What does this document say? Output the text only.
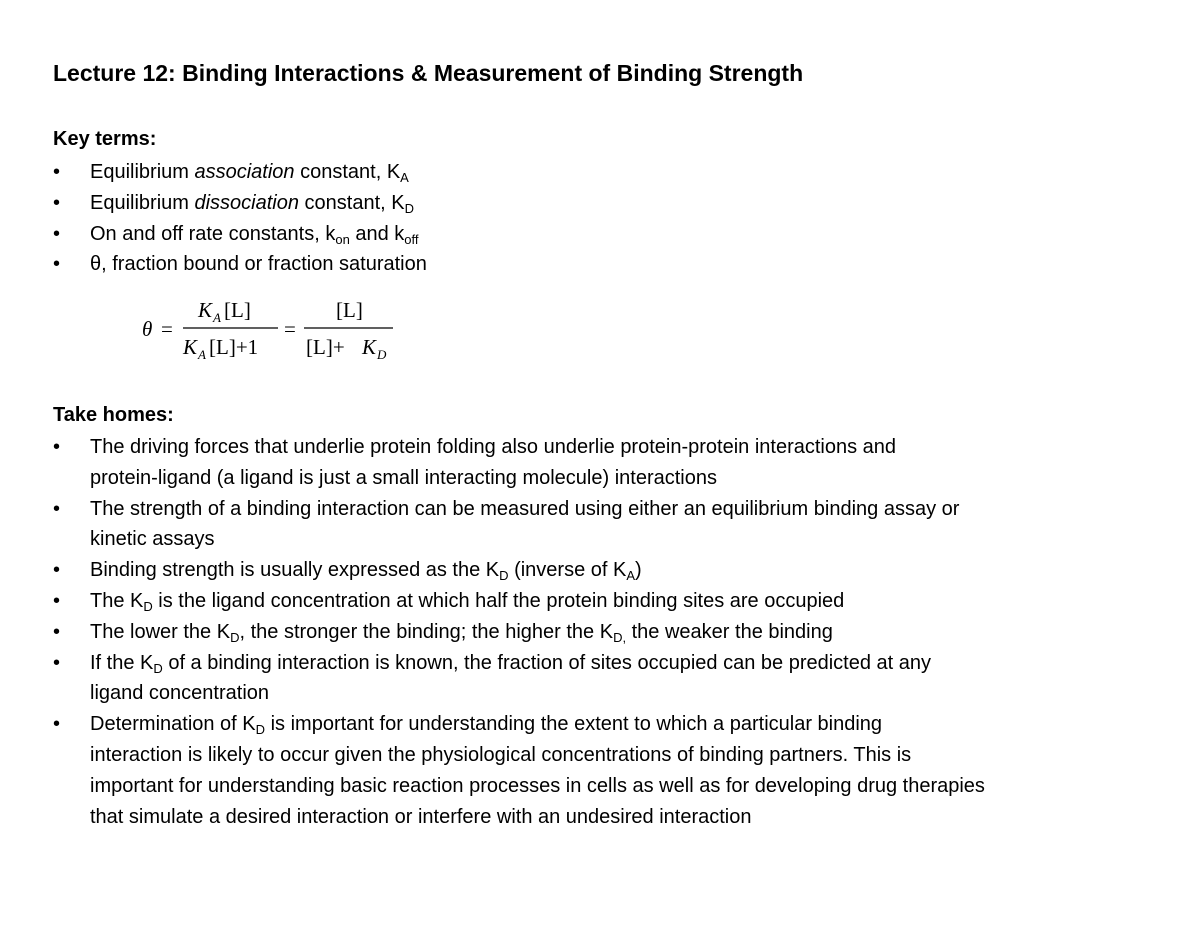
Lecture 12: Binding Interactions & Measurement of Binding Strength
Key terms:
•	Equilibrium association constant, $K_A$
•	Equilibrium dissociation constant, $K_D$
•	On and off rate constants, $k_{on}$ and $k_{off}$
•	θ, fraction bound or fraction saturation
θ =
K A [L]
K A [L]+1
=
[L]
[L]+ K D
Take homes:
•	The driving forces that underlie protein folding also underlie protein-protein interactions and
protein-ligand (a ligand is just a small interacting molecule) interactions
•	The strength of a binding interaction can be measured using either an equilibrium binding assay or
kinetic assays
•	Binding strength is usually expressed as the $K_D$ (inverse of $K_A$)
•	The $K_D$ is the ligand concentration at which half the protein binding sites are occupied
•	The lower the $K_D$, the stronger the binding; the higher the $K_{D,}$ the weaker the binding
•	If the $K_D$ of a binding interaction is known, the fraction of sites occupied can be predicted at any
ligand concentration
•	Determination of $K_D$ is important for understanding the extent to which a particular binding
interaction is likely to occur given the physiological concentrations of binding partners. This is
important for understanding basic reaction processes in cells as well as for developing drug therapies
that simulate a desired interaction or interfere with an undesired interaction
